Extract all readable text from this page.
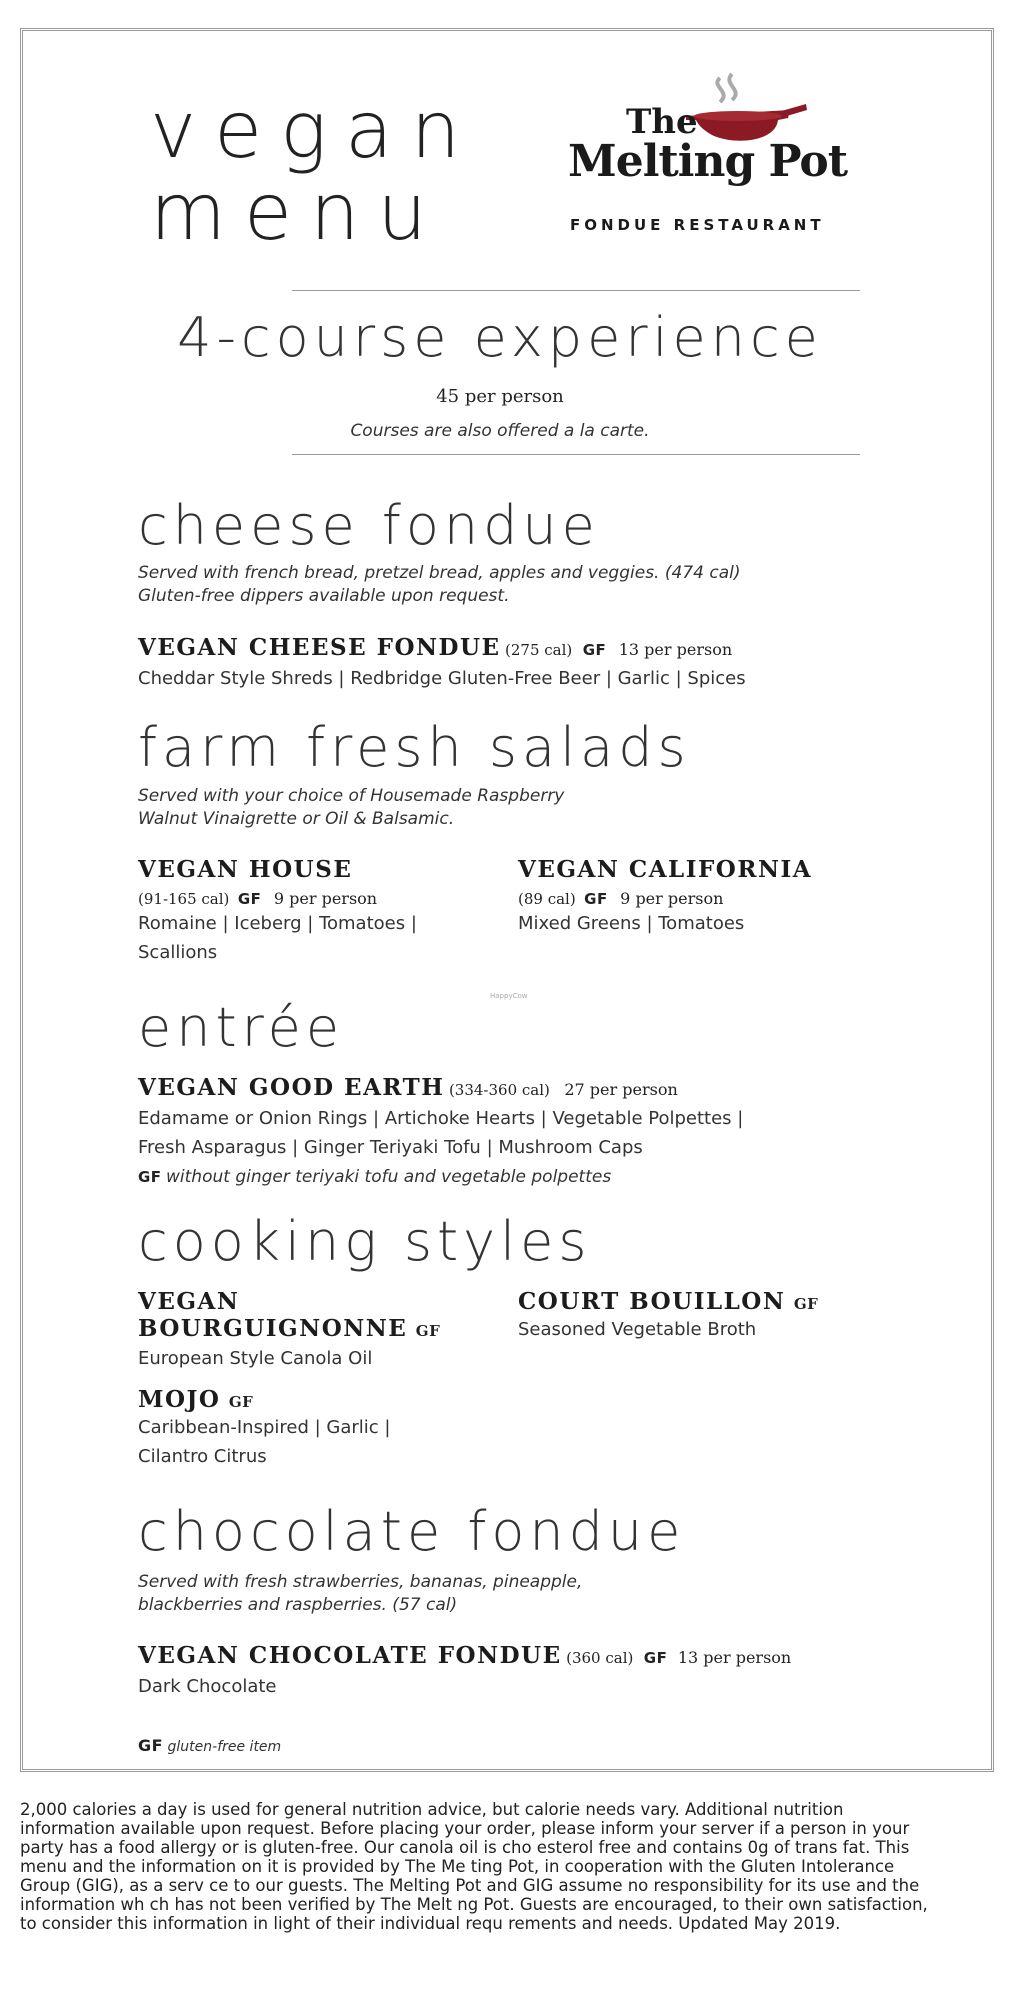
vegan
menu
The
Melting Pot
FONDUE RESTAURANT
4-course experience
45 per person
Courses are also offered a la carte.
cheese fondue
Served with french bread, pretzel bread, apples and veggies. (474 cal)
Gluten-free dippers available upon request.
VEGAN CHEESE FONDUE (275 cal) GF 13 per person
Cheddar Style Shreds | Redbridge Gluten-Free Beer | Garlic | Spices
farm fresh salads
Served with your choice of Housemade Raspberry
Walnut Vinaigrette or Oil & Balsamic.
VEGAN HOUSE
(91-165 cal) GF 9 per person
Romaine | Iceberg | Tomatoes |
Scallions
VEGAN CALIFORNIA
(89 cal) GF 9 per person
Mixed Greens | Tomatoes
HappyCow
entrée
VEGAN GOOD EARTH (334-360 cal) 27 per person
Edamame or Onion Rings | Artichoke Hearts | Vegetable Polpettes |
Fresh Asparagus | Ginger Teriyaki Tofu | Mushroom Caps
GF without ginger teriyaki tofu and vegetable polpettes
cooking styles
VEGAN
BOURGUIGNONNE GF
European Style Canola Oil
COURT BOUILLON GF
Seasoned Vegetable Broth
MOJO GF
Caribbean-Inspired | Garlic |
Cilantro Citrus
chocolate fondue
Served with fresh strawberries, bananas, pineapple,
blackberries and raspberries. (57 cal)
VEGAN CHOCOLATE FONDUE (360 cal) GF 13 per person
Dark Chocolate
GF gluten-free item
2,000 calories a day is used for general nutrition advice, but calorie needs vary. Additional nutrition
information available upon request. Before placing your order, please inform your server if a person in your
party has a food allergy or is gluten-free. Our canola oil is cho esterol free and contains 0g of trans fat. This
menu and the information on it is provided by The Me ting Pot, in cooperation with the Gluten Intolerance
Group (GIG), as a serv ce to our guests. The Melting Pot and GIG assume no responsibility for its use and the
information wh ch has not been verified by The Melt ng Pot. Guests are encouraged, to their own satisfaction,
to consider this information in light of their individual requ rements and needs. Updated May 2019.
